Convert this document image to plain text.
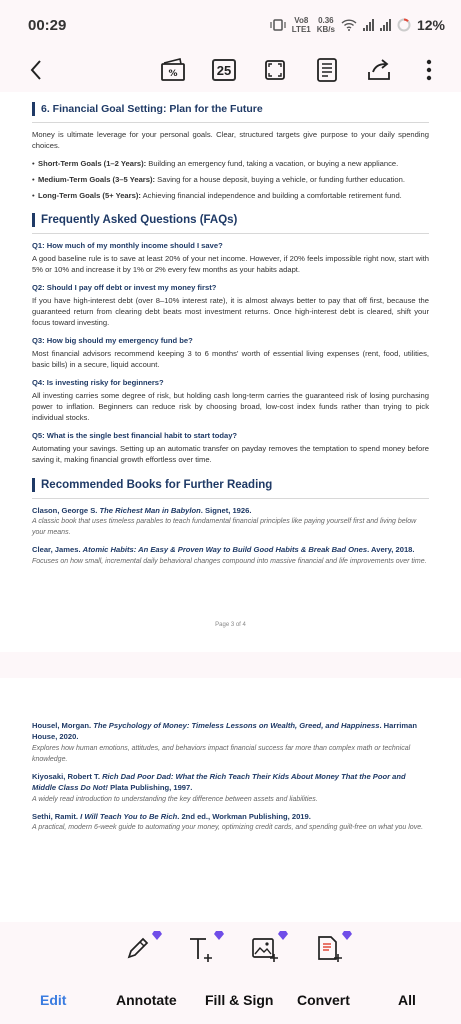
00:29	Vo8
LTE1
0.36
KB/s	12%
%	25
6. Financial Goal Setting: Plan for the Future

Money is ultimate leverage for your personal goals. Clear, structured targets give purpose to your daily spending choices.

• Short-Term Goals (1–2 Years): Building an emergency fund, taking a vacation, or buying a new appliance.
• Medium-Term Goals (3–5 Years): Saving for a house deposit, buying a vehicle, or funding further education.
• Long-Term Goals (5+ Years): Achieving financial independence and building a comfortable retirement fund.
Frequently Asked Questions (FAQs)
Q1: How much of my monthly income should I save?

A good baseline rule is to save at least 20% of your net income. However, if 20% feels impossible right now, start with 5% or 10% and increase it by 1% or 2% every few months as your habits adapt.

Q2: Should I pay off debt or invest my money first?

If you have high-interest debt (over 8–10% interest rate), it is almost always better to pay that off first, because the guaranteed return from clearing debt beats most investment returns. Once high-interest debt is cleared, shift your focus toward investing.

Q3: How big should my emergency fund be?

Most financial advisors recommend keeping 3 to 6 months' worth of essential living expenses (rent, food, utilities, basic bills) in a secure, liquid account.

Q4: Is investing risky for beginners?

All investing carries some degree of risk, but holding cash long-term carries the guaranteed risk of losing purchasing power to inflation. Beginners can reduce risk by choosing broad, low-cost index funds rather than trying to pick individual stocks.

Q5: What is the single best financial habit to start today?

Automating your savings. Setting up an automatic transfer on payday removes the temptation to spend money before saving it, making financial growth effortless over time.

Recommended Books for Further Reading
Clason, George S. The Richest Man in Babylon. Signet, 1926.
A classic book that uses timeless parables to teach fundamental financial principles like paying yourself first and living below your means.
Clear, James. Atomic Habits: An Easy & Proven Way to Build Good Habits & Break Bad Ones. Avery, 2018.
Focuses on how small, incremental daily behavioral changes compound into massive financial and life improvements over time.
Page 3 of 4
Housel, Morgan. The Psychology of Money: Timeless Lessons on Wealth, Greed, and Happiness. Harriman House, 2020.
Explores how human emotions, attitudes, and behaviors impact financial success far more than complex math or technical knowledge.
Kiyosaki, Robert T. Rich Dad Poor Dad: What the Rich Teach Their Kids About Money That the Poor and Middle Class Do Not! Plata Publishing, 1997.
A widely read introduction to understanding the key difference between assets and liabilities.
Sethi, Ramit. I Will Teach You to Be Rich. 2nd ed., Workman Publishing, 2019.
A practical, modern 6-week guide to automating your money, optimizing credit cards, and spending guilt-free on what you love.
Edit	Annotate Fill & Sign Convert	All
